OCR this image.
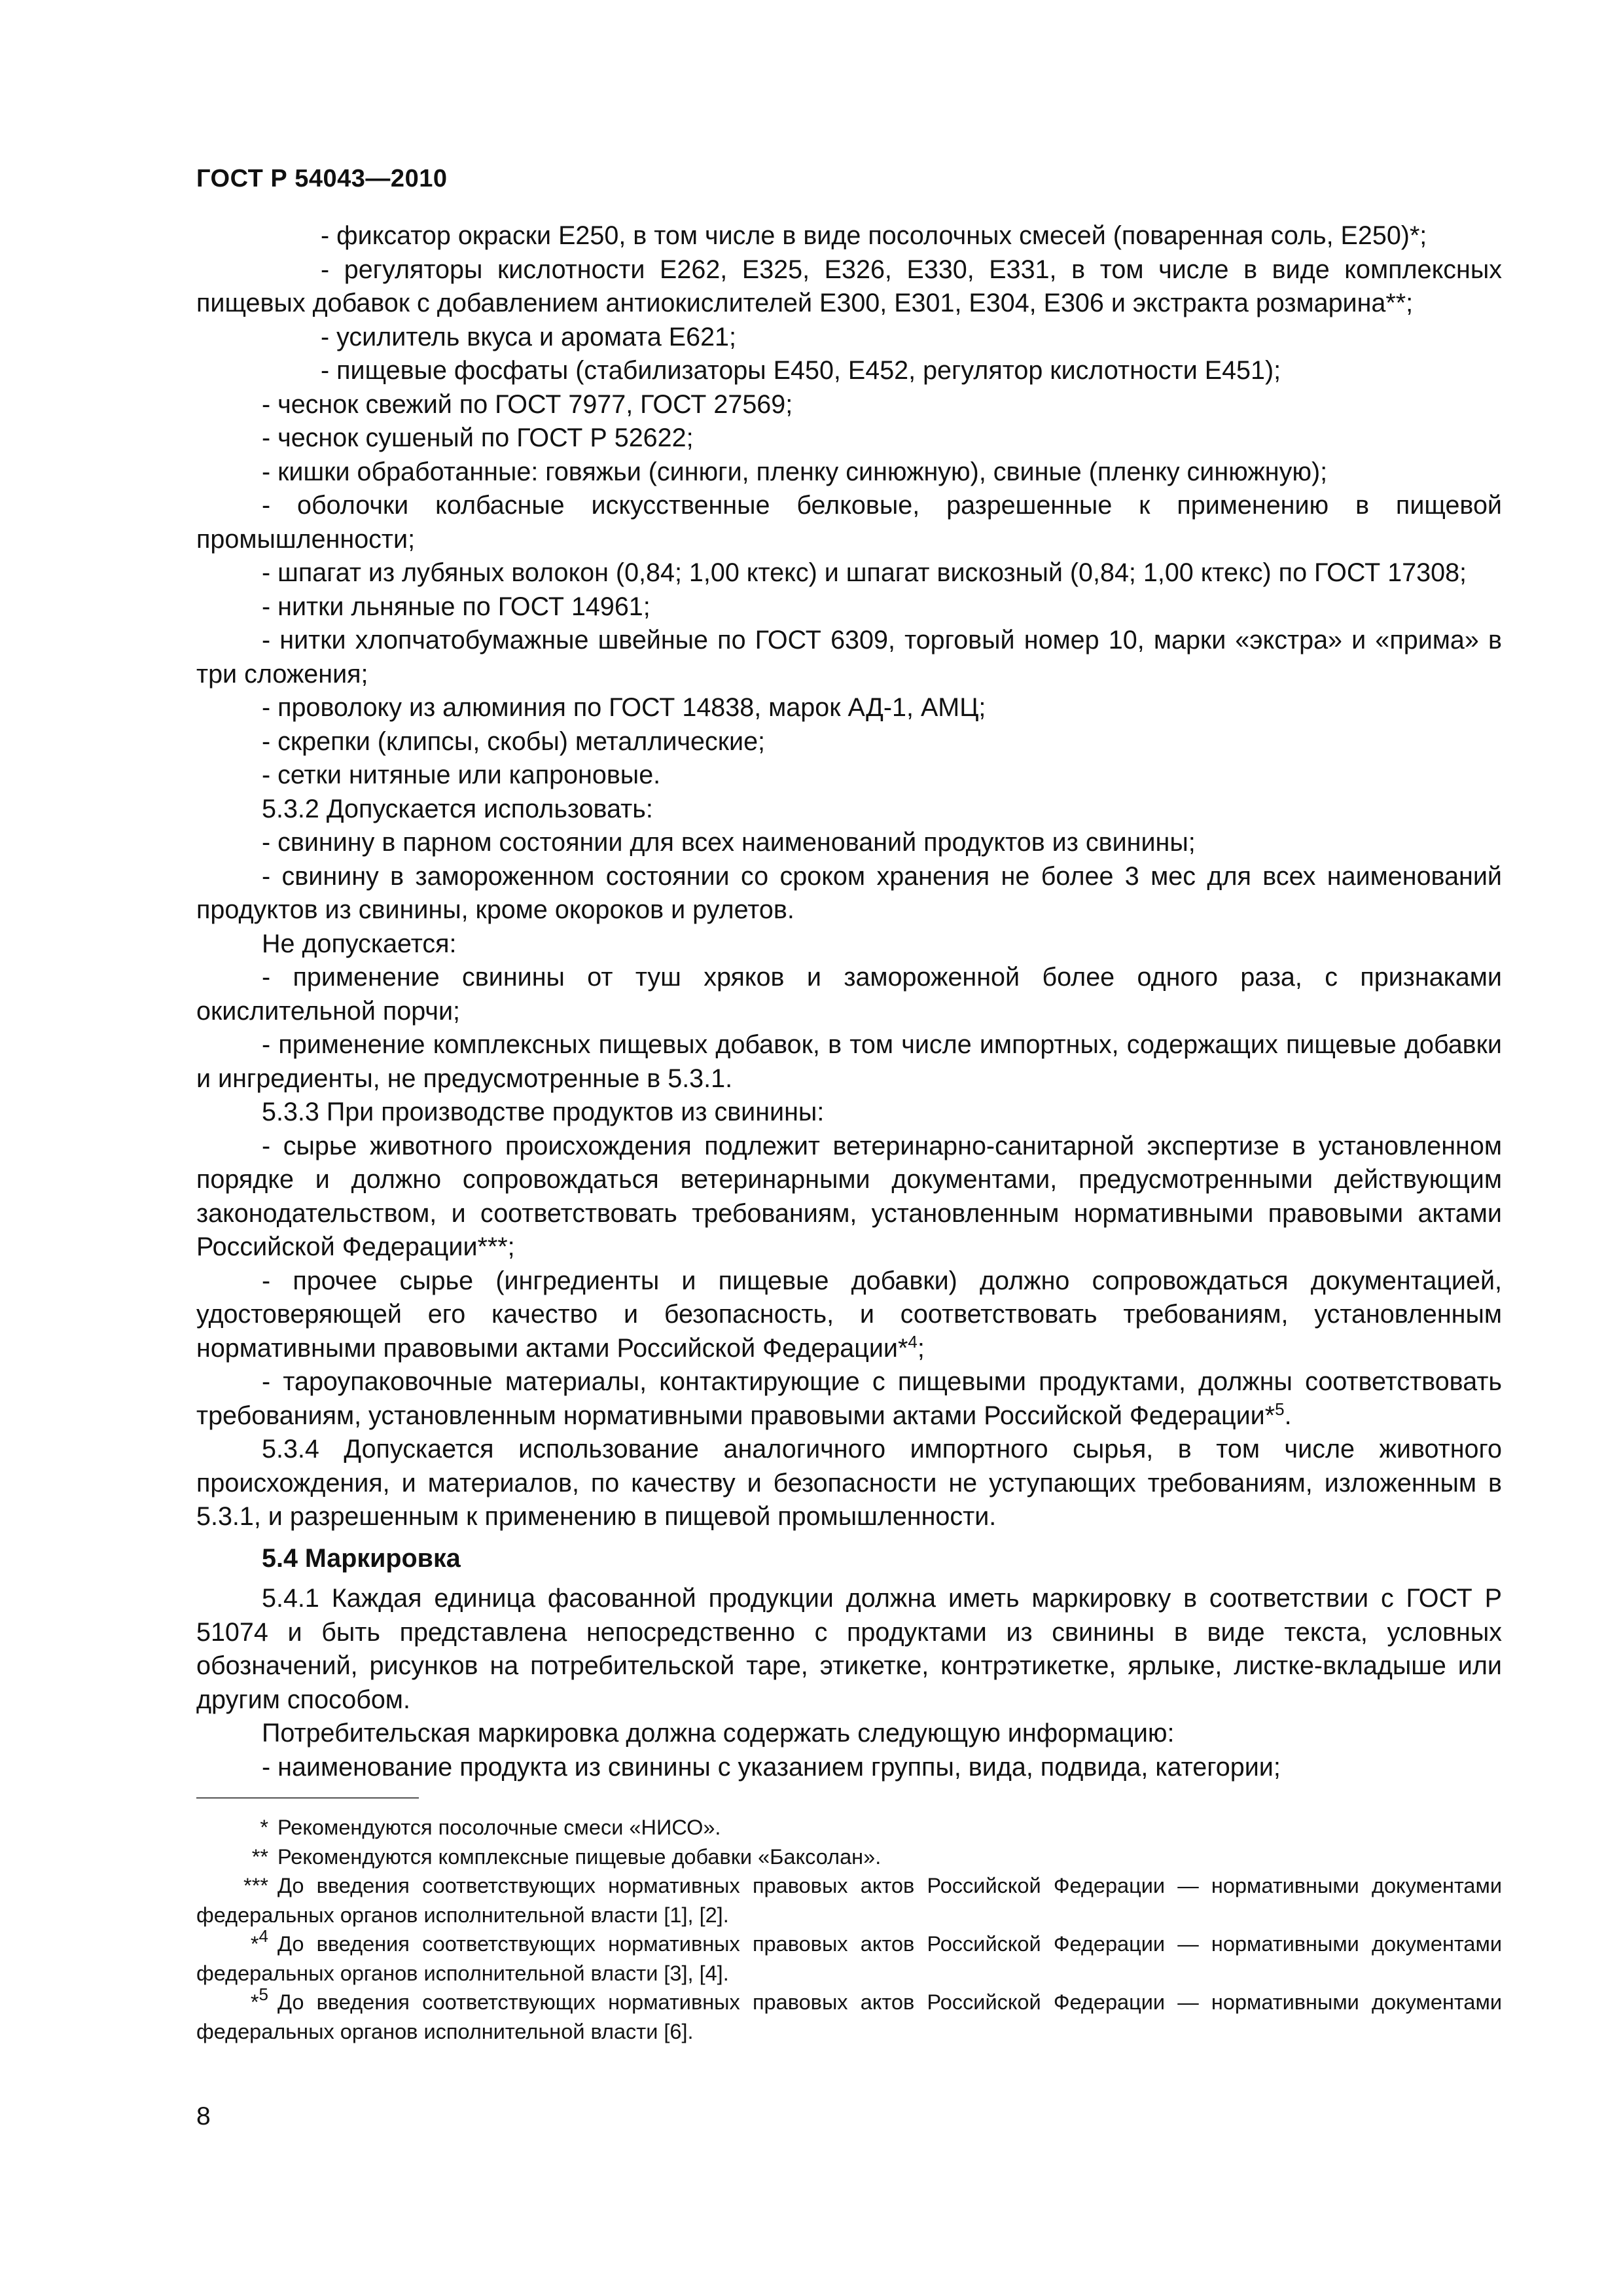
ГОСТ Р 54043—2010

- фиксатор окраски Е250, в том числе в виде посолочных смесей (поваренная соль, Е250)*;

- регуляторы кислотности Е262, Е325, Е326, Е330, Е331, в том числе в виде комплексных пищевых добавок с добавлением антиокислителей Е300, Е301, Е304, Е306 и экстракта розмарина**;

- усилитель вкуса и аромата Е621;

- пищевые фосфаты (стабилизаторы Е450, Е452, регулятор кислотности Е451);

- чеснок свежий по ГОСТ 7977, ГОСТ 27569;

- чеснок сушеный по ГОСТ Р 52622;

- кишки обработанные: говяжьи (синюги, пленку синюжную), свиные (пленку синюжную);

- оболочки колбасные искусственные белковые, разрешенные к применению в пищевой промышленности;

- шпагат из лубяных волокон (0,84; 1,00 ктекс) и шпагат вискозный (0,84; 1,00 ктекс) по ГОСТ 17308;

- нитки льняные по ГОСТ 14961;

- нитки хлопчатобумажные швейные по ГОСТ 6309, торговый номер 10, марки «экстра» и «прима» в три сложения;

- проволоку из алюминия по ГОСТ 14838, марок АД-1, АМЦ;

- скрепки (клипсы, скобы) металлические;

- сетки нитяные или капроновые.

5.3.2 Допускается использовать:

- свинину в парном состоянии для всех наименований продуктов из свинины;

- свинину в замороженном состоянии со сроком хранения не более 3 мес для всех наименований продуктов из свинины, кроме окороков и рулетов.

Не допускается:

- применение свинины от туш хряков и замороженной более одного раза, с признаками окислительной порчи;

- применение комплексных пищевых добавок, в том числе импортных, содержащих пищевые добавки и ингредиенты, не предусмотренные в 5.3.1.

5.3.3 При производстве продуктов из свинины:

- сырье животного происхождения подлежит ветеринарно-санитарной экспертизе в установленном порядке и должно сопровождаться ветеринарными документами, предусмотренными действующим законодательством, и соответствовать требованиям, установленным нормативными правовыми актами Российской Федерации***;

- прочее сырье (ингредиенты и пищевые добавки) должно сопровождаться документацией, удостоверяющей его качество и безопасность, и соответствовать требованиям, установленным нормативными правовыми актами Российской Федерации*$^4$;

- тароупаковочные материалы, контактирующие с пищевыми продуктами, должны соответствовать требованиям, установленным нормативными правовыми актами Российской Федерации*$^5$.

5.3.4 Допускается использование аналогичного импортного сырья, в том числе животного происхождения, и материалов, по качеству и безопасности не уступающих требованиям, изложенным в 5.3.1, и разрешенным к применению в пищевой промышленности.

5.4 Маркировка

5.4.1 Каждая единица фасованной продукции должна иметь маркировку в соответствии с ГОСТ Р 51074 и быть представлена непосредственно с продуктами из свинины в виде текста, условных обозначений, рисунков на потребительской таре, этикетке, контрэтикетке, ярлыке, листке-вкладыше или другим способом.

Потребительская маркировка должна содержать следующую информацию:

- наименование продукта из свинины с указанием группы, вида, подвида, категории;

* Рекомендуются посолочные смеси «НИСО».

** Рекомендуются комплексные пищевые добавки «Баксолан».

*** До введения соответствующих нормативных правовых актов Российской Федерации — нормативными документами федеральных органов исполнительной власти [1], [2].

*$^4$ До введения соответствующих нормативных правовых актов Российской Федерации — нормативными документами федеральных органов исполнительной власти [3], [4].

*$^5$ До введения соответствующих нормативных правовых актов Российской Федерации — нормативными документами федеральных органов исполнительной власти [6].

8
